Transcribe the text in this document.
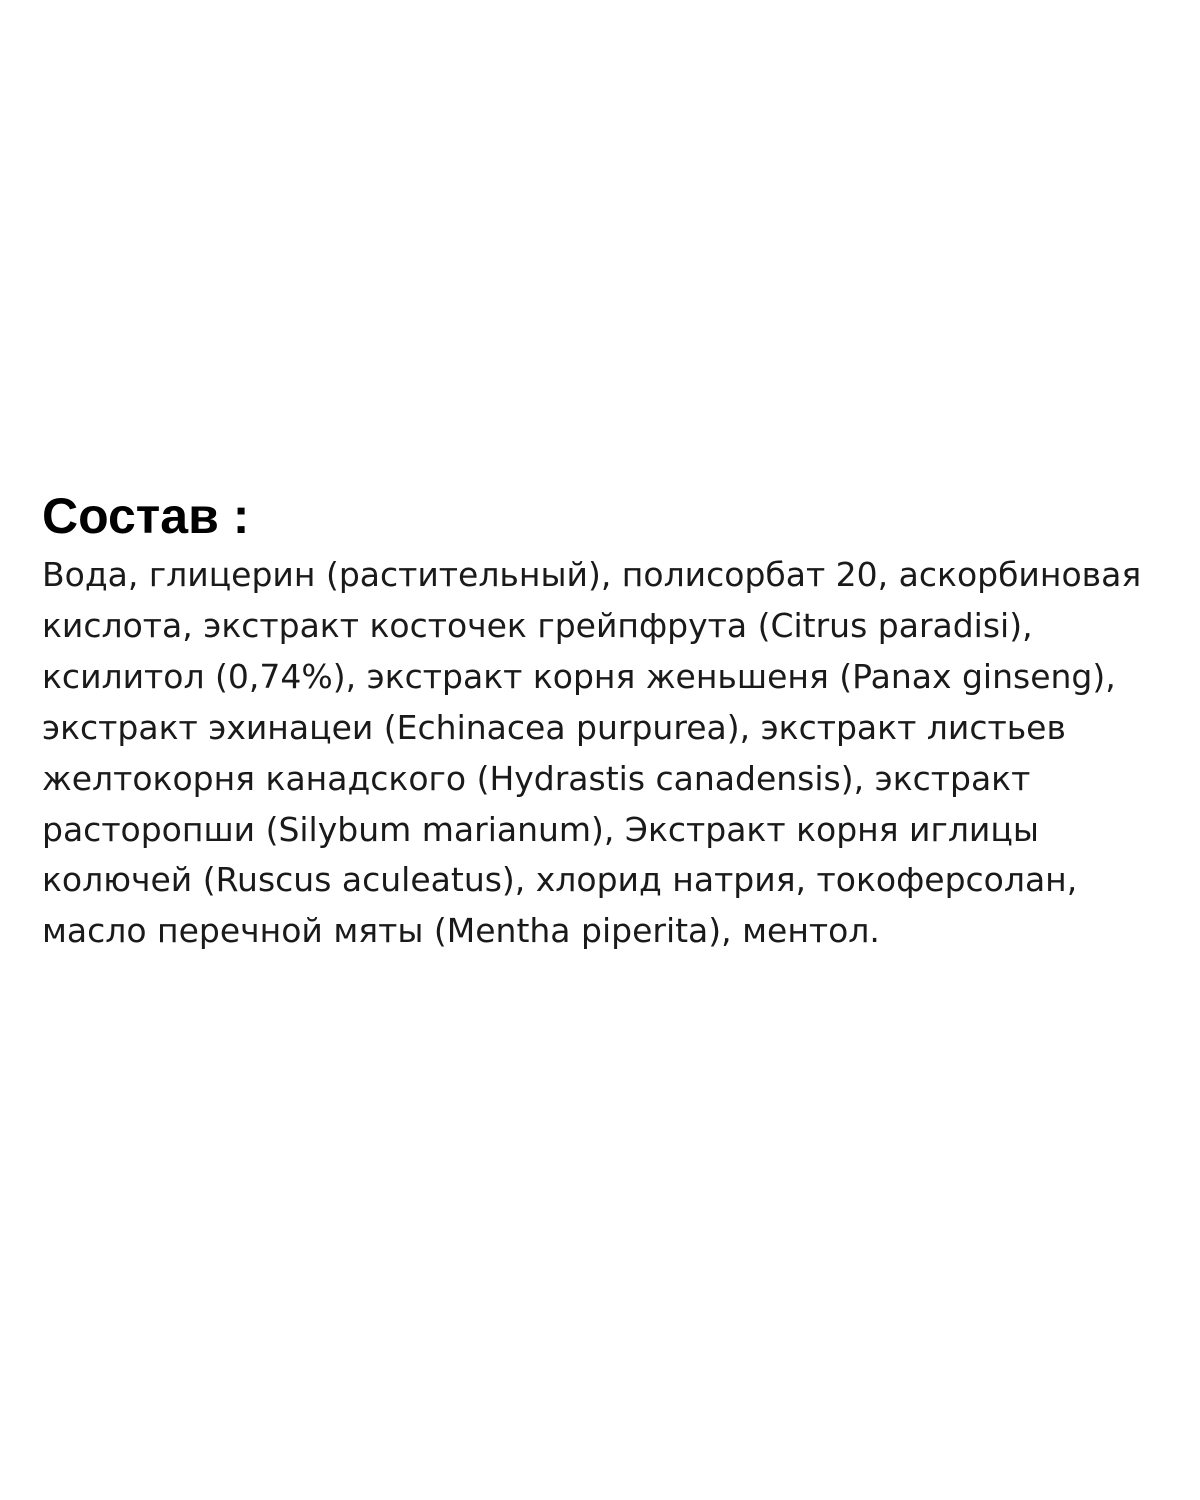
Состав :
Вода, глицерин (растительный), полисорбат 20, аскорбиновая
кислота, экстракт косточек грейпфрута (Citrus paradisi),
ксилитол (0,74%), экстракт корня женьшеня (Panax ginseng),
экстракт эхинацеи (Echinacea purpurea), экстракт листьев
желтокорня канадского (Hydrastis canadensis), экстракт
расторопши (Silybum marianum), Экстракт корня иглицы
колючей (Ruscus aculeatus), хлорид натрия, токоферсолан,
масло перечной мяты (Mentha piperita), ментол.
